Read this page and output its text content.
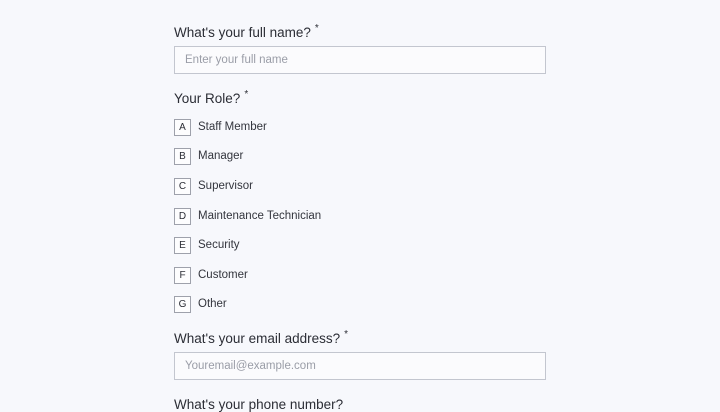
What's your full name? *
Enter your full name
Your Role? *
A	Staff Member
B	Manager
C	Supervisor
D	Maintenance Technician
E	Security
F	Customer
G	Other
What's your email address? *
Youremail@example.com
What's your phone number?
